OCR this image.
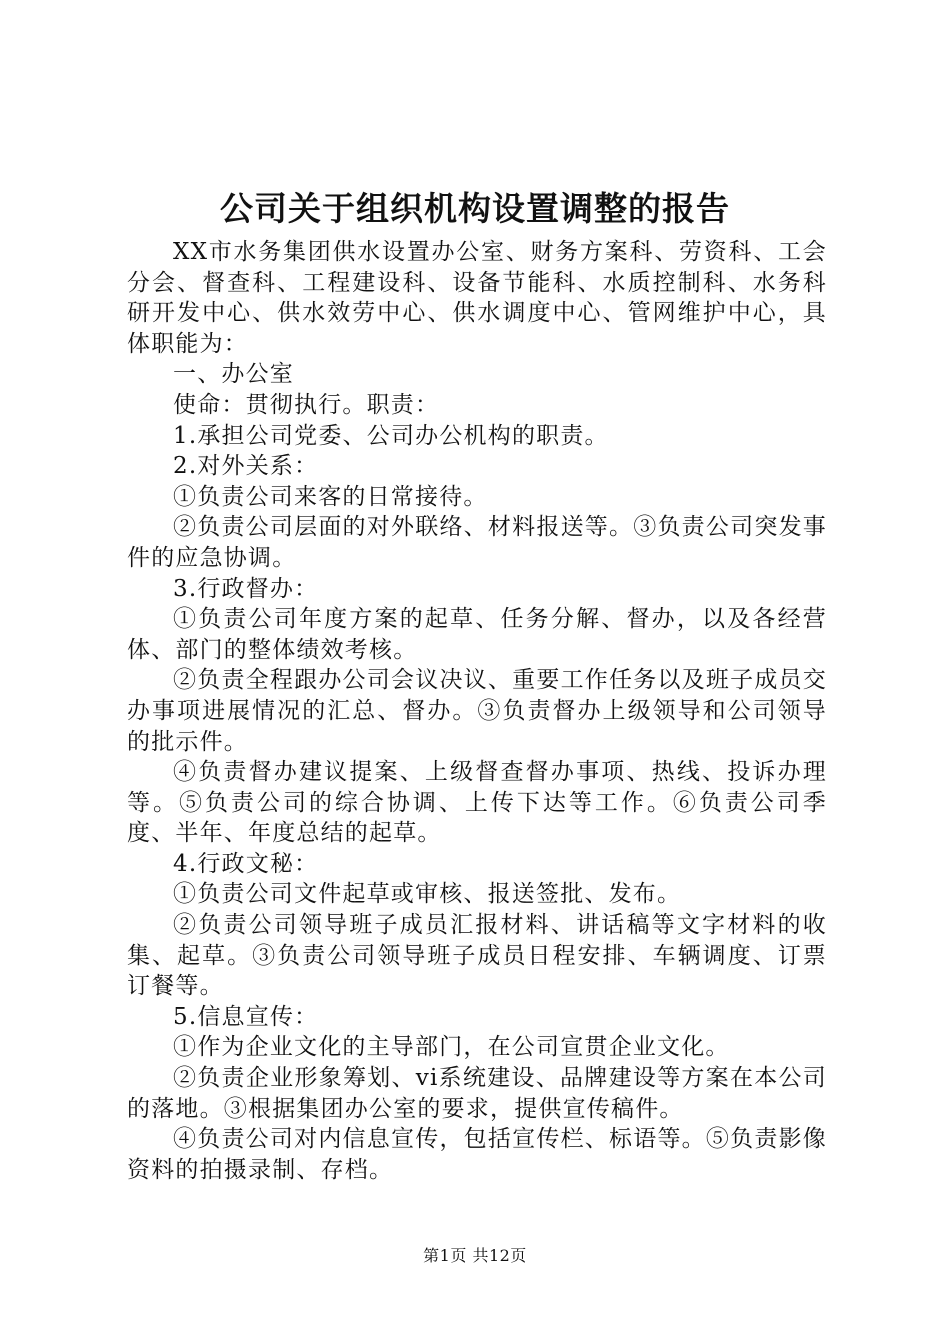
公司关于组织机构设置调整的报告

XX市水务集团供水设置办公室、财务方案科、劳资科、工会分会、督查科、工程建设科、设备节能科、水质控制科、水务科研开发中心、供水效劳中心、供水调度中心、管网维护中心，具体职能为：

一、办公室

使命：贯彻执行。职责：

1.承担公司党委、公司办公机构的职责。

2.对外关系：

①负责公司来客的日常接待。

②负责公司层面的对外联络、材料报送等。③负责公司突发事件的应急协调。

3.行政督办：

①负责公司年度方案的起草、任务分解、督办，以及各经营体、部门的整体绩效考核。

②负责全程跟办公司会议决议、重要工作任务以及班子成员交办事项进展情况的汇总、督办。③负责督办上级领导和公司领导的批示件。

④负责督办建议提案、上级督查督办事项、热线、投诉办理等。⑤负责公司的综合协调、上传下达等工作。⑥负责公司季度、半年、年度总结的起草。

4.行政文秘：

①负责公司文件起草或审核、报送签批、发布。

②负责公司领导班子成员汇报材料、讲话稿等文字材料的收集、起草。③负责公司领导班子成员日程安排、车辆调度、订票订餐等。

5.信息宣传：

①作为企业文化的主导部门，在公司宣贯企业文化。

②负责企业形象筹划、vi系统建设、品牌建设等方案在本公司的落地。③根据集团办公室的要求，提供宣传稿件。

④负责公司对内信息宣传，包括宣传栏、标语等。⑤负责影像资料的拍摄录制、存档。

第1页 共12页
